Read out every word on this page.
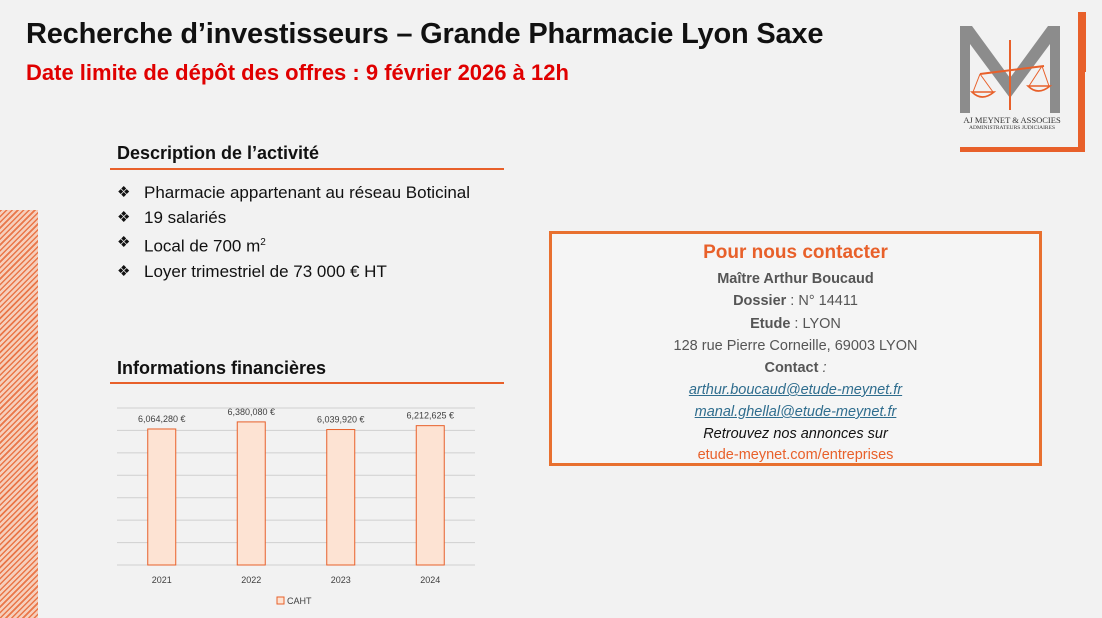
Recherche d’investisseurs – Grande Pharmacie Lyon Saxe
Date limite de dépôt des offres : 9 février 2026 à 12h
AJ MEYNET & ASSOCIES
ADMINISTRATEURS JUDICIAIRES
Description de l’activité
❖ Pharmacie appartenant au réseau Boticinal
❖ 19 salariés
❖ Local de 700 $m^2$
❖ Loyer trimestriel de 73 000 € HT
Informations financières
6,064,280 €
2021
6,380,080 €
2022
6,039,920 €
2023
6,212,625 €
2024
CAHT
Pour nous contacter
Maître Arthur Boucaud
Dossier : N° 14411
Etude : LYON
128 rue Pierre Corneille, 69003 LYON
Contact :
arthur.boucaud@etude-meynet.fr
manal.ghellal@etude-meynet.fr
Retrouvez nos annonces sur
etude-meynet.com/entreprises
